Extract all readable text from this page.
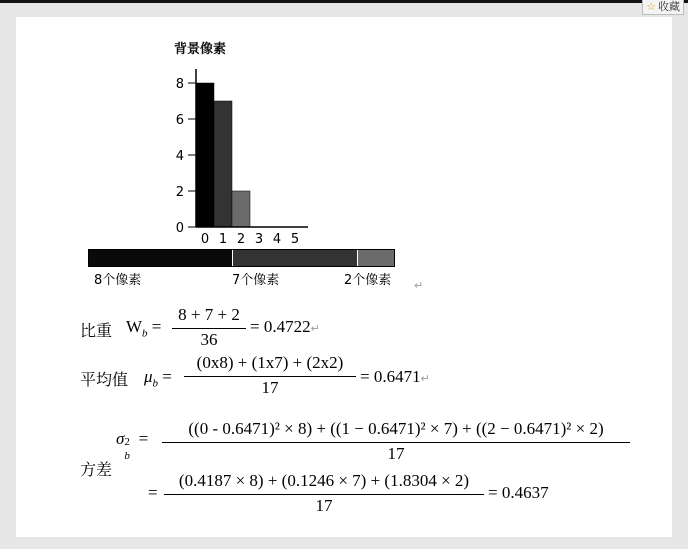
☆ 收藏
背景像素
0
2
4
6
8
0 1 2 3 4 5
8个像素	7个像素	2个像素 ↵
比重 $W_b$ =
8 + 7 + 2
36
= 0.4722↵
平均值 $\mu_b$ =
(0x8) + (1x7) + (2x2)
17
= 0.6471↵
σ 2
b
=
((0 - 0.6471)² × 8) + ((1 − 0.6471)² × 7) + ((2 − 0.6471)² × 2)
17
方差
=
(0.4187 × 8) + (0.1246 × 7) + (1.8304 × 2)
17
= 0.4637
